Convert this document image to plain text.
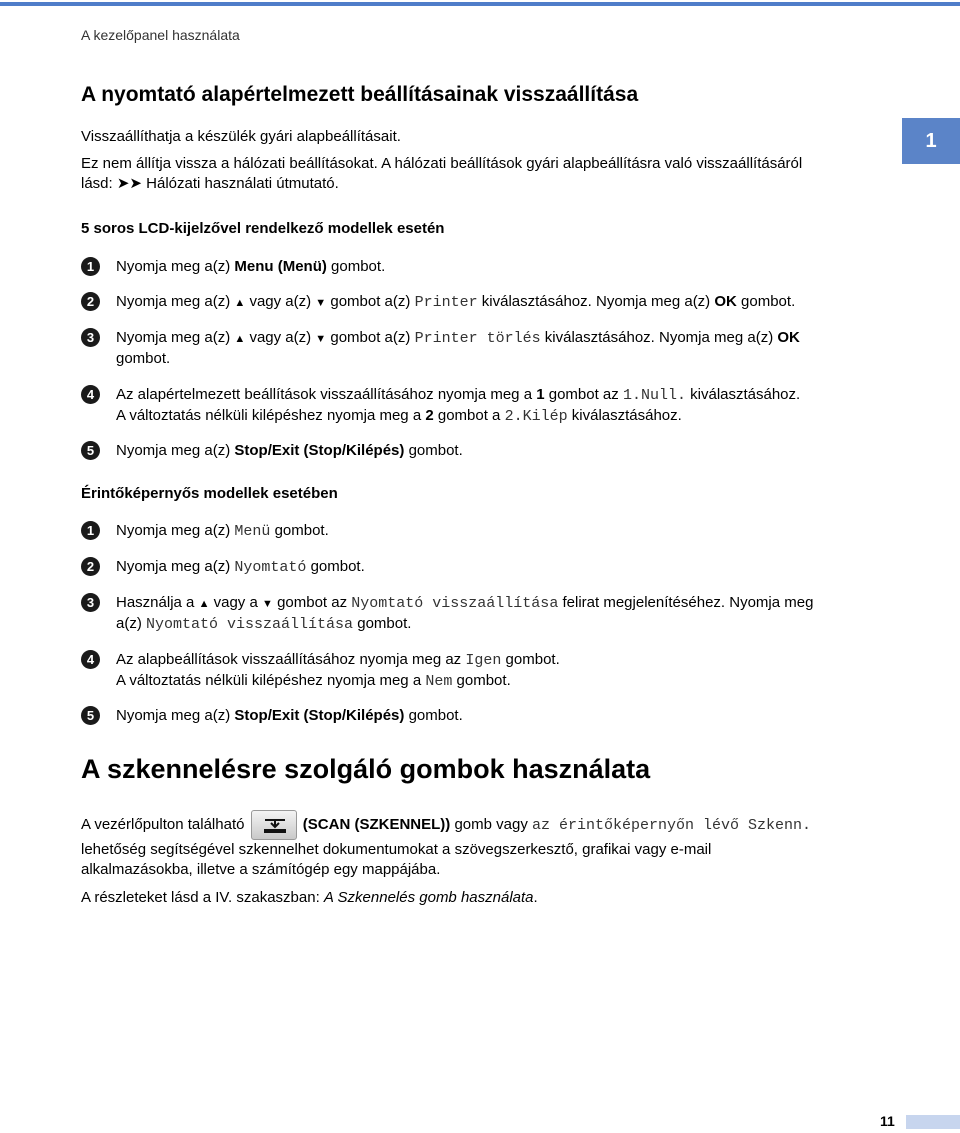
A kezelőpanel használata
1
A nyomtató alapértelmezett beállításainak visszaállítása
Visszaállíthatja a készülék gyári alapbeállításait.
Ez nem állítja vissza a hálózati beállításokat. A hálózati beállítások gyári alapbeállításra való visszaállításáról
lásd: ➤➤ Hálózati használati útmutató.
5 soros LCD-kijelzővel rendelkező modellek esetén
1	Nyomja meg a(z) Menu (Menü) gombot.
2	Nyomja meg a(z) ▲ vagy a(z) ▼ gombot a(z) Printer kiválasztásához. Nyomja meg a(z) OK gombot.
3	Nyomja meg a(z) ▲ vagy a(z) ▼ gombot a(z) Printer törlés kiválasztásához. Nyomja meg a(z) OK
gombot.
4	Az alapértelmezett beállítások visszaállításához nyomja meg a 1 gombot az 1.Null. kiválasztásához.
A változtatás nélküli kilépéshez nyomja meg a 2 gombot a 2.Kilép kiválasztásához.
5	Nyomja meg a(z) Stop/Exit (Stop/Kilépés) gombot.
Érintőképernyős modellek esetében
1	Nyomja meg a(z) Menü gombot.
2	Nyomja meg a(z) Nyomtató gombot.
3	Használja a ▲ vagy a ▼ gombot az Nyomtató visszaállítása felirat megjelenítéséhez. Nyomja meg
a(z) Nyomtató visszaállítása gombot.
4	Az alapbeállítások visszaállításához nyomja meg az Igen gombot.
A változtatás nélküli kilépéshez nyomja meg a Nem gombot.
5	Nyomja meg a(z) Stop/Exit (Stop/Kilépés) gombot.
A szkennelésre szolgáló gombok használata
A vezérlőpulton található	(SCAN (SZKENNEL)) gomb vagy az érintőképernyőn lévő Szkenn.
lehetőség segítségével szkennelhet dokumentumokat a szövegszerkesztő, grafikai vagy e-mail
alkalmazásokba, illetve a számítógép egy mappájába.
A részleteket lásd a IV. szakaszban: A Szkennelés gomb használata.
11
